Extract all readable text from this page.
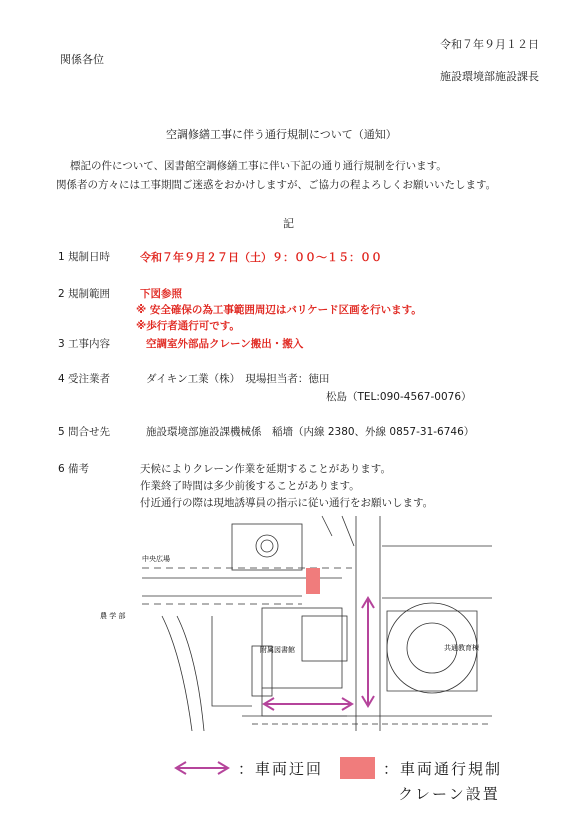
令和７年９月１２日
関係各位
施設環境部施設課長
空調修繕工事に伴う通行規制について（通知）
標記の件について、図書館空調修繕工事に伴い下記の通り通行規制を行います。
関係者の方々には工事期間ご迷惑をおかけしますが、ご協力の程よろしくお願いいたします。
記
1 規制日時	令和７年９月２７日（土）９：００～１５：００
2 規制範囲	下図参照
※ 安全確保の為工事範囲周辺はバリケード区画を行います。
※歩行者通行可です。
3 工事内容	空調室外部品クレーン搬出・搬入
4 受注業者	ダイキン工業（株）　現場担当者：徳田
松島（TEL:090-4567-0076）
5 問合せ先	施設環境部施設課機械係　稲墻（内線 2380、外線 0857-31-6746）
6 備考	天候によりクレーン作業を延期することがあります。
作業終了時間は多少前後することがあります。
付近通行の際は現地誘導員の指示に従い通行をお願いします。
中央広場
農 学 部
附属図書館	共通教育棟
：車両迂回	：車両通行規制
クレーン設置
